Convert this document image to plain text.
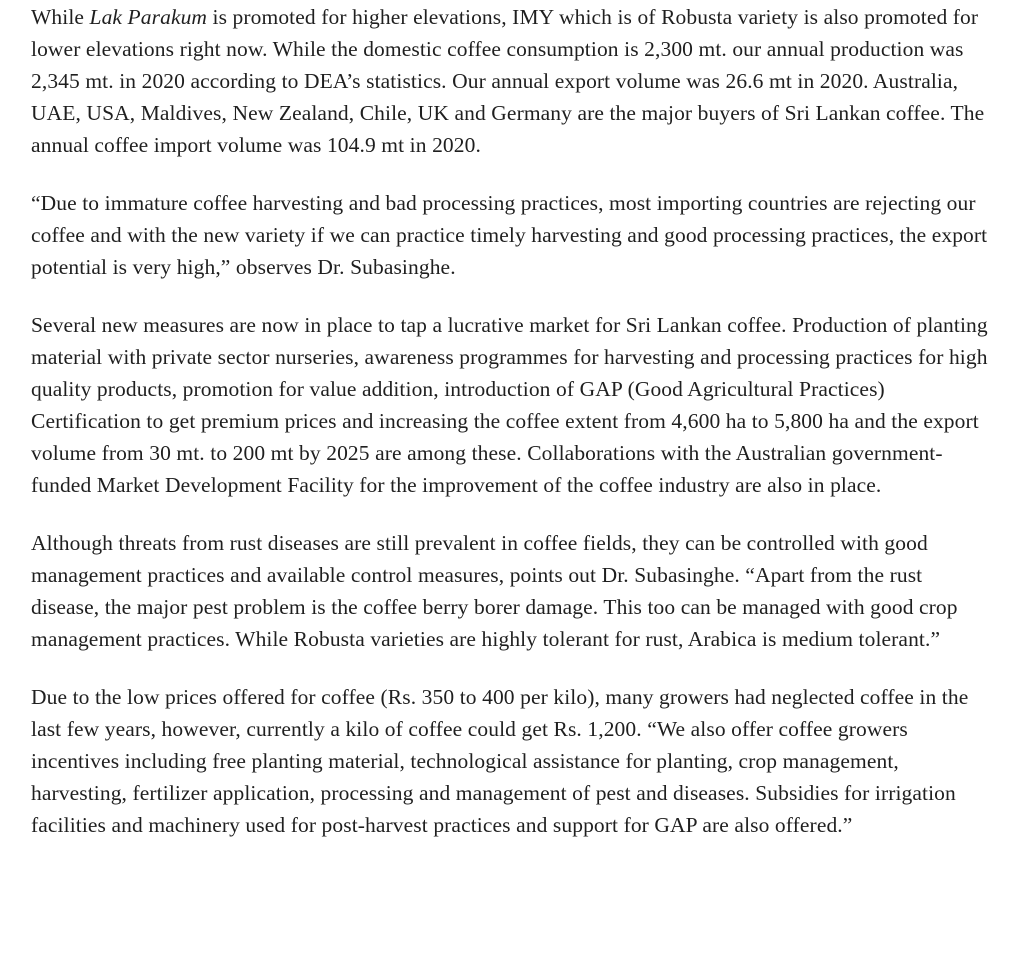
While Lak Parakum is promoted for higher elevations, IMY which is of Robusta variety is also promoted for lower elevations right now. While the domestic coffee consumption is 2,300 mt. our annual production was 2,345 mt. in 2020 according to DEA’s statistics. Our annual export volume was 26.6 mt in 2020. Australia, UAE, USA, Maldives, New Zealand, Chile, UK and Germany are the major buyers of Sri Lankan coffee. The annual coffee import volume was 104.9 mt in 2020.

“Due to immature coffee harvesting and bad processing practices, most importing countries are rejecting our coffee and with the new variety if we can practice timely harvesting and good processing practices, the export potential is very high,” observes Dr. Subasinghe.

Several new measures are now in place to tap a lucrative market for Sri Lankan coffee. Production of planting material with private sector nurseries, awareness programmes for harvesting and processing practices for high quality products, promotion for value addition, introduction of GAP (Good Agricultural Practices) Certification to get premium prices and increasing the coffee extent from 4,600 ha to 5,800 ha and the export volume from 30 mt. to 200 mt by 2025 are among these. Collaborations with the Australian government-funded Market Development Facility for the improvement of the coffee industry are also in place.

Although threats from rust diseases are still prevalent in coffee fields, they can be controlled with good management practices and available control measures, points out Dr. Subasinghe. “Apart from the rust disease, the major pest problem is the coffee berry borer damage. This too can be managed with good crop management practices. While Robusta varieties are highly tolerant for rust, Arabica is medium tolerant.”

Due to the low prices offered for coffee (Rs. 350 to 400 per kilo), many growers had neglected coffee in the last few years, however, currently a kilo of coffee could get Rs. 1,200. “We also offer coffee growers incentives including free planting material, technological assistance for planting, crop management, harvesting, fertilizer application, processing and management of pest and diseases. Subsidies for irrigation facilities and machinery used for post-harvest practices and support for GAP are also offered.”
